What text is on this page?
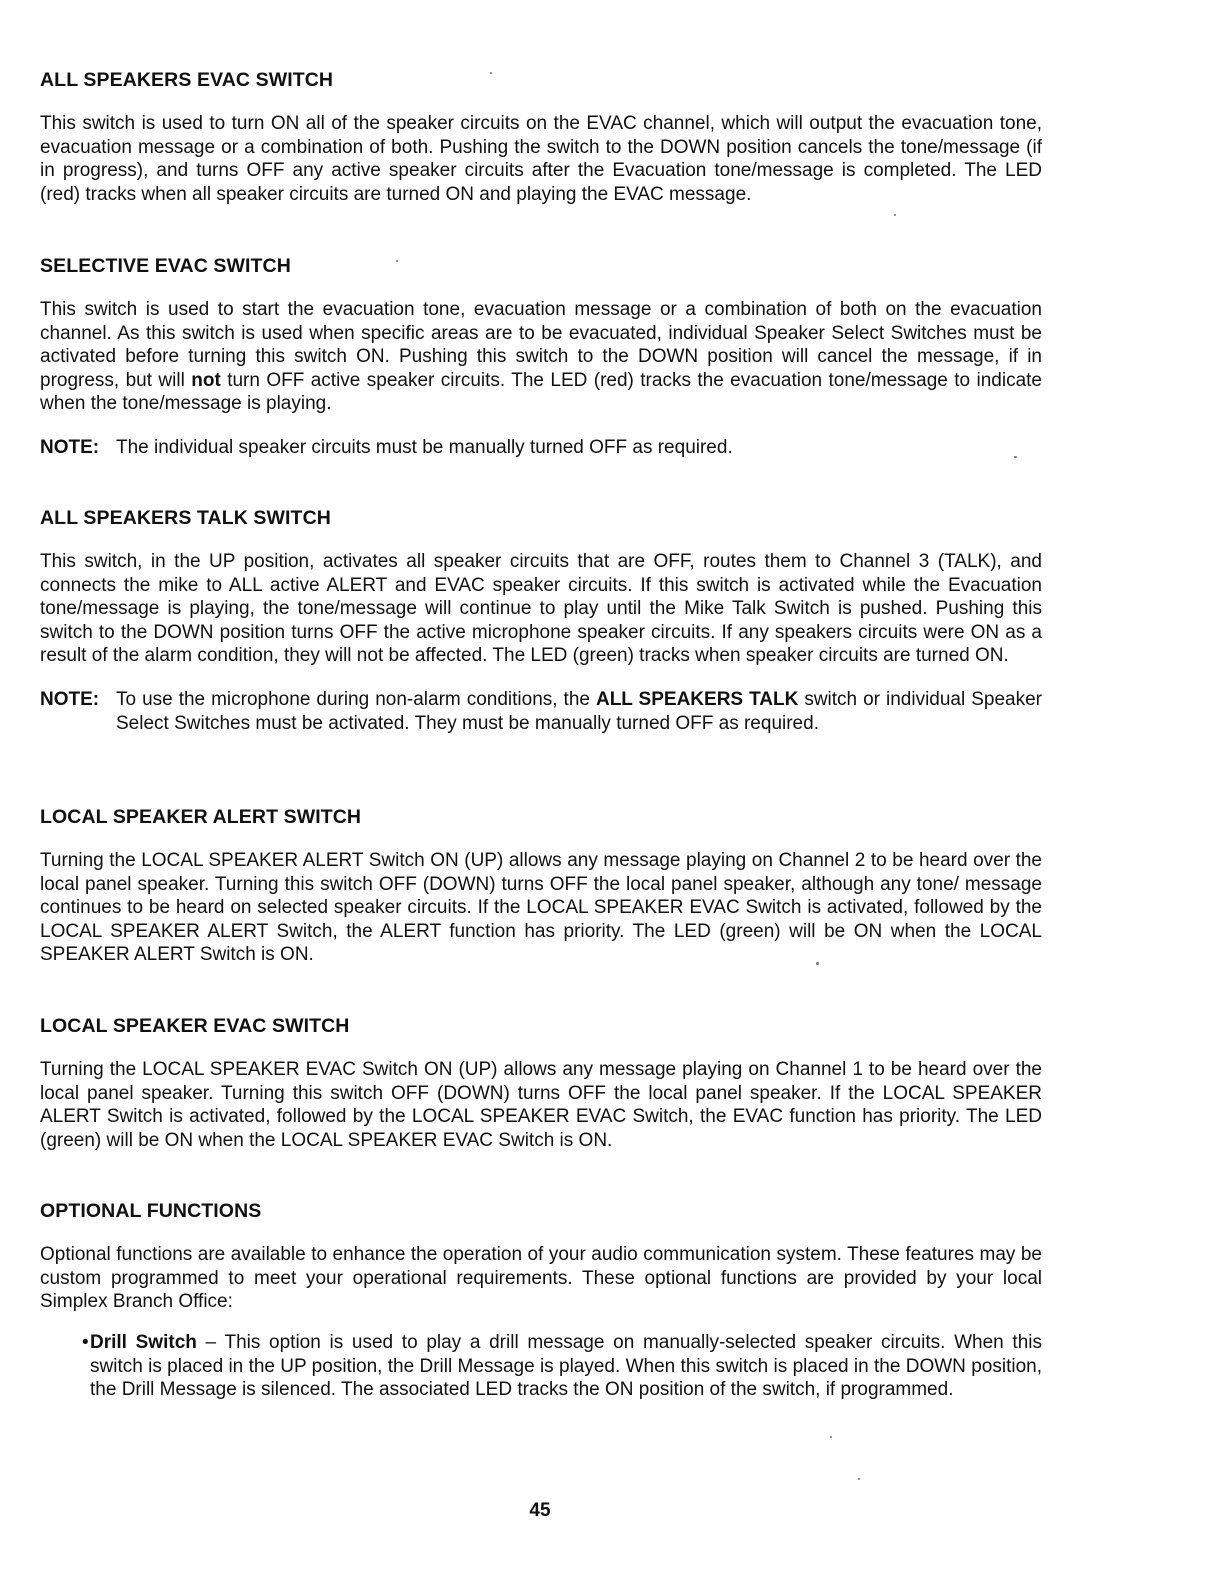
ALL SPEAKERS EVAC SWITCH

This switch is used to turn ON all of the speaker circuits on the EVAC channel, which will output the evacuation tone, evacuation message or a combination of both. Pushing the switch to the DOWN position cancels the tone/message (if in progress), and turns OFF any active speaker circuits after the Evacuation tone/message is completed. The LED (red) tracks when all speaker circuits are turned ON and playing the EVAC message.

SELECTIVE EVAC SWITCH

This switch is used to start the evacuation tone, evacuation message or a combination of both on the evacuation channel. As this switch is used when specific areas are to be evacuated, individual Speaker Select Switches must be activated before turning this switch ON. Pushing this switch to the DOWN position will cancel the message, if in progress, but will not turn OFF active speaker circuits. The LED (red) tracks the evacuation tone/message to indicate when the tone/message is playing.

NOTE: The individual speaker circuits must be manually turned OFF as required.
ALL SPEAKERS TALK SWITCH

This switch, in the UP position, activates all speaker circuits that are OFF, routes them to Channel 3 (TALK), and connects the mike to ALL active ALERT and EVAC speaker circuits. If this switch is activated while the Evacuation tone/message is playing, the tone/message will continue to play until the Mike Talk Switch is pushed. Pushing this switch to the DOWN position turns OFF the active microphone speaker circuits. If any speakers circuits were ON as a result of the alarm condition, they will not be affected. The LED (green) tracks when speaker circuits are turned ON.

NOTE: To use the microphone during non-alarm conditions, the ALL SPEAKERS TALK switch or individual Speaker Select Switches must be activated. They must be manually turned OFF as required.
LOCAL SPEAKER ALERT SWITCH

Turning the LOCAL SPEAKER ALERT Switch ON (UP) allows any message playing on Channel 2 to be heard over the local panel speaker. Turning this switch OFF (DOWN) turns OFF the local panel speaker, although any tone/ message continues to be heard on selected speaker circuits. If the LOCAL SPEAKER EVAC Switch is activated, followed by the LOCAL SPEAKER ALERT Switch, the ALERT function has priority. The LED (green) will be ON when the LOCAL SPEAKER ALERT Switch is ON.

LOCAL SPEAKER EVAC SWITCH

Turning the LOCAL SPEAKER EVAC Switch ON (UP) allows any message playing on Channel 1 to be heard over the local panel speaker. Turning this switch OFF (DOWN) turns OFF the local panel speaker. If the LOCAL SPEAKER ALERT Switch is activated, followed by the LOCAL SPEAKER EVAC Switch, the EVAC function has priority. The LED (green) will be ON when the LOCAL SPEAKER EVAC Switch is ON.

OPTIONAL FUNCTIONS

Optional functions are available to enhance the operation of your audio communication system. These features may be custom programmed to meet your operational requirements. These optional functions are provided by your local Simplex Branch Office:

• Drill Switch – This option is used to play a drill message on manually-selected speaker circuits. When this switch is placed in the UP position, the Drill Message is played. When this switch is placed in the DOWN position, the Drill Message is silenced. The associated LED tracks the ON position of the switch, if programmed.
45
